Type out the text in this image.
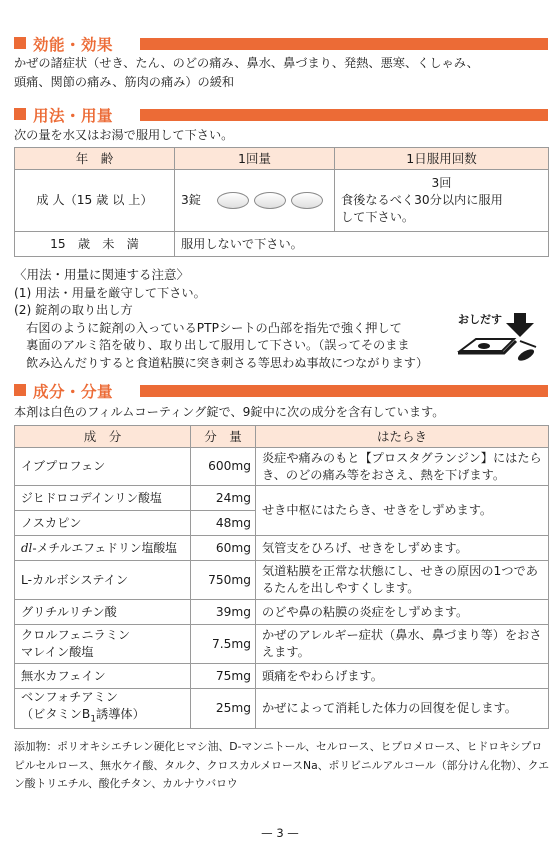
効能・効果
かぜの諸症状（せき、たん、のどの痛み、鼻水、鼻づまり、発熱、悪寒、くしゃみ、
頭痛、関節の痛み、筋肉の痛み）の緩和
用法・用量
次の量を水又はお湯で服用して下さい。
年　齢	1回量	1日服用回数
成 人（15 歳 以 上）	3錠	3回
食後なるべく30分以内に服用
して下さい。

15　歳　未　満	服用しないで下さい。	
〈用法・用量に関連する注意〉
(1) 用法・用量を厳守して下さい。
(2) 錠剤の取り出し方
　右図のように錠剤の入っているPTPシートの凸部を指先で強く押して
　裏面のアルミ箔を破り、取り出して服用して下さい。（誤ってそのまま
　飲み込んだりすると食道粘膜に突き刺さる等思わぬ事故につながります）
おしだす
成分・分量
本剤は白色のフィルムコーティング錠で、9錠中に次の成分を含有しています。
成　分	分　量	はたらき
イブプロフェン	600mg	炎症や痛みのもと【プロスタグランジン】にはたらき、のどの痛み等をおさえ、熱を下げます。
ジヒドロコデインリン酸塩	24mg	せき中枢にはたらき、せきをしずめます。
ノスカピン	48mg	
dl-メチルエフェドリン塩酸塩	60mg	気管支をひろげ、せきをしずめます。
L-カルボシステイン	750mg	気道粘膜を正常な状態にし、せきの原因の1つであるたんを出しやすくします。
グリチルリチン酸	39mg	のどや鼻の粘膜の炎症をしずめます。

クロルフェニラミン
マレイン酸塩	7.5mg	かぜのアレルギー症状（鼻水、鼻づまり等）をおさえます。
無水カフェイン	75mg	頭痛をやわらげます。

ベンフォチアミン
（ビタミン$B_1$誘導体）	25mg	かぜによって消耗した体力の回復を促します。
添加物：ポリオキシエチレン硬化ヒマシ油、D-マンニトール、セルロース、ヒプロメロース、ヒドロキシプロピルセルロース、無水ケイ酸、タルク、クロスカルメロースNa、ポリビニルアルコール（部分けん化物）、クエン酸トリエチル、酸化チタン、カルナウバロウ
— 3 —
